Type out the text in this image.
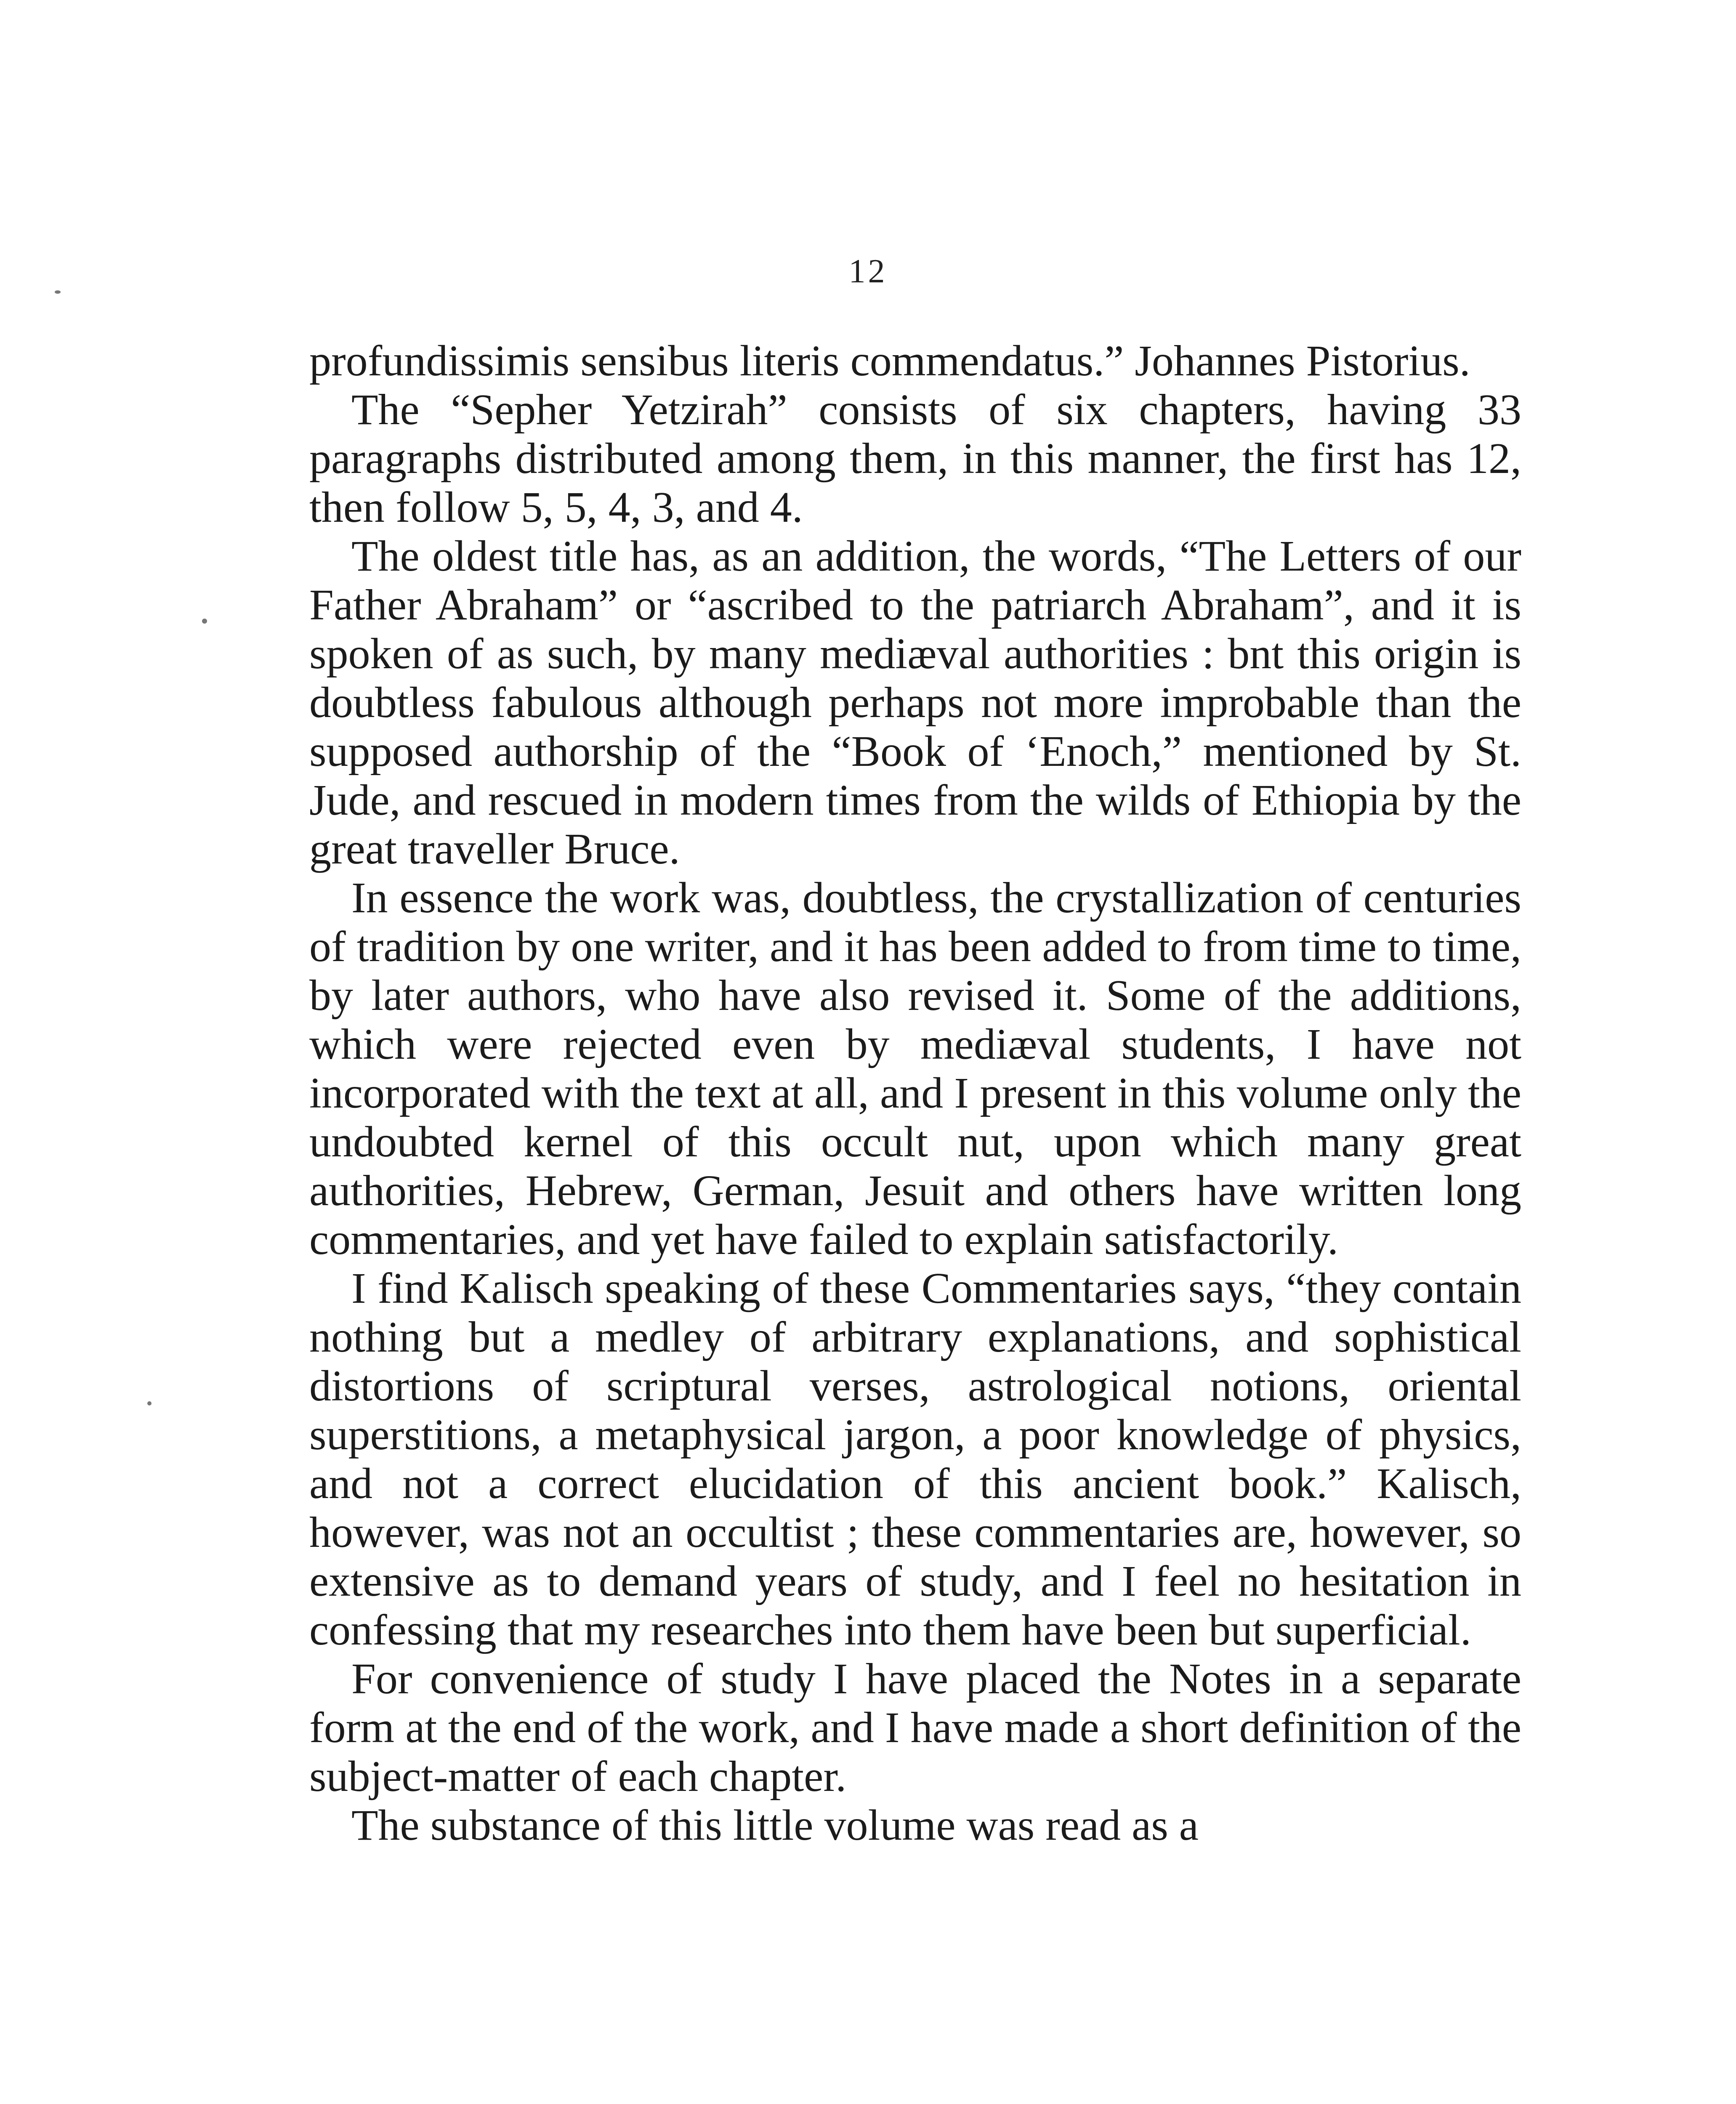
12

profundissimis sensibus literis commendatus.” Johannes Pistorius.

The “Sepher Yetzirah” consists of six chapters, having 33 paragraphs distributed among them, in this manner, the first has 12, then follow 5, 5, 4, 3, and 4.

The oldest title has, as an addition, the words, “The Letters of our Father Abraham” or “ascribed to the patriarch Abraham”, and it is spoken of as such, by many mediæval authorities : bnt this origin is doubtless fabulous although perhaps not more improbable than the supposed authorship of the “Book of ‘Enoch,” mentioned by St. Jude, and rescued in modern times from the wilds of Ethiopia by the great traveller Bruce.

In essence the work was, doubtless, the crystallization of centuries of tradition by one writer, and it has been added to from time to time, by later authors, who have also revised it. Some of the additions, which were rejected even by mediæval students, I have not incorporated with the text at all, and I present in this volume only the undoubted kernel of this occult nut, upon which many great authorities, Hebrew, German, Jesuit and others have written long commentaries, and yet have failed to explain satisfactorily.

I find Kalisch speaking of these Commentaries says, “they contain nothing but a medley of arbitrary explanations, and sophistical distortions of scriptural verses, astrological notions, oriental superstitions, a metaphysical jargon, a poor knowledge of physics, and not a correct elucidation of this ancient book.” Kalisch, however, was not an occultist ; these commentaries are, however, so extensive as to demand years of study, and I feel no hesitation in confessing that my researches into them have been but superficial.

For convenience of study I have placed the Notes in a separate form at the end of the work, and I have made a short definition of the subject-matter of each chapter.

The substance of this little volume was read as a
